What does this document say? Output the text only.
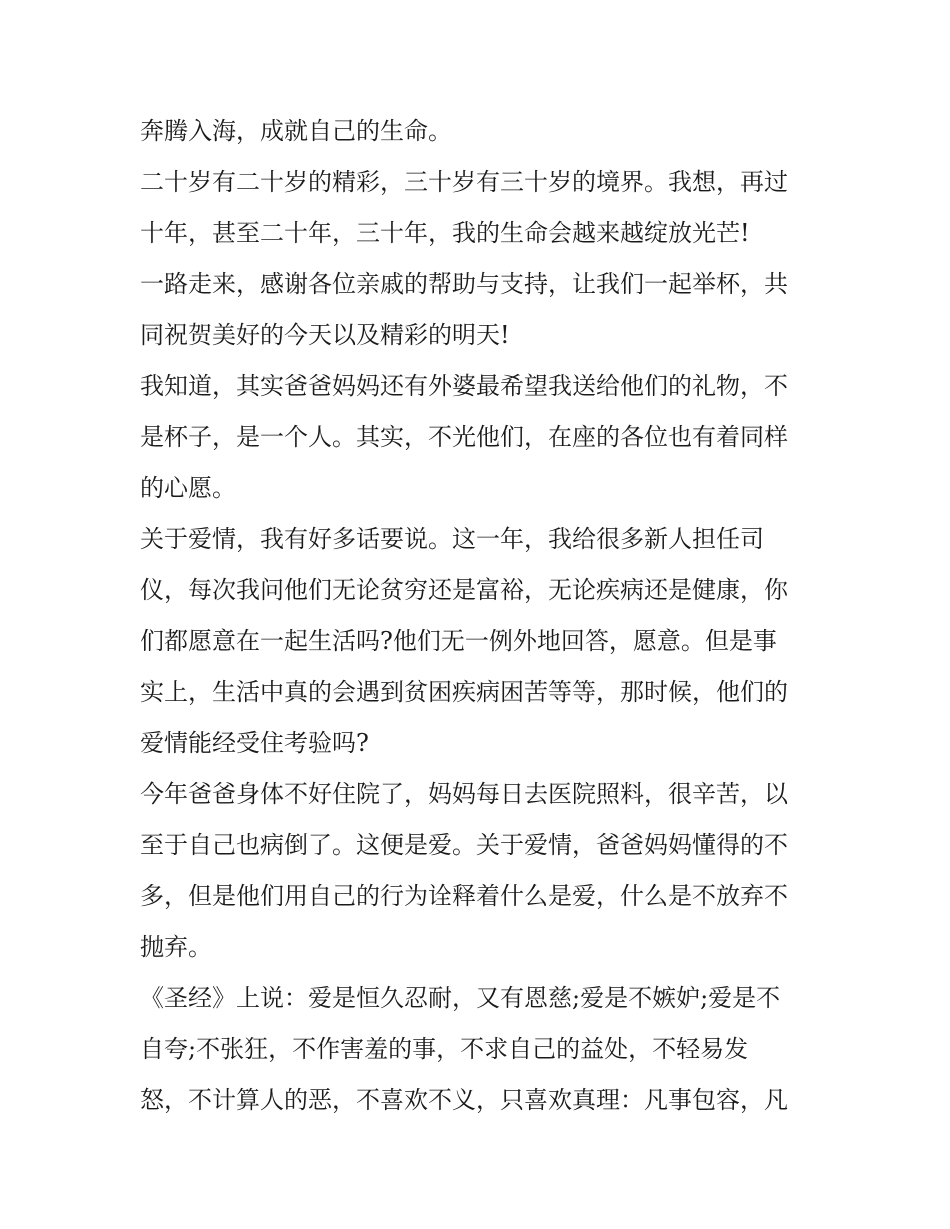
奔腾入海，成就自己的生命。
二十岁有二十岁的精彩，三十岁有三十岁的境界。我想，再过
十年，甚至二十年，三十年，我的生命会越来越绽放光芒!
一路走来，感谢各位亲戚的帮助与支持，让我们一起举杯，共
同祝贺美好的今天以及精彩的明天!
我知道，其实爸爸妈妈还有外婆最希望我送给他们的礼物，不
是杯子，是一个人。其实，不光他们，在座的各位也有着同样
的心愿。
关于爱情，我有好多话要说。这一年，我给很多新人担任司
仪，每次我问他们无论贫穷还是富裕，无论疾病还是健康，你
们都愿意在一起生活吗?他们无一例外地回答，愿意。但是事
实上，生活中真的会遇到贫困疾病困苦等等，那时候，他们的
爱情能经受住考验吗?
今年爸爸身体不好住院了，妈妈每日去医院照料，很辛苦，以
至于自己也病倒了。这便是爱。关于爱情，爸爸妈妈懂得的不
多，但是他们用自己的行为诠释着什么是爱，什么是不放弃不
抛弃。
《圣经》上说：爱是恒久忍耐，又有恩慈;爱是不嫉妒;爱是不
自夸;不张狂，不作害羞的事，不求自己的益处，不轻易发
怒，不计算人的恶，不喜欢不义，只喜欢真理：凡事包容，凡
